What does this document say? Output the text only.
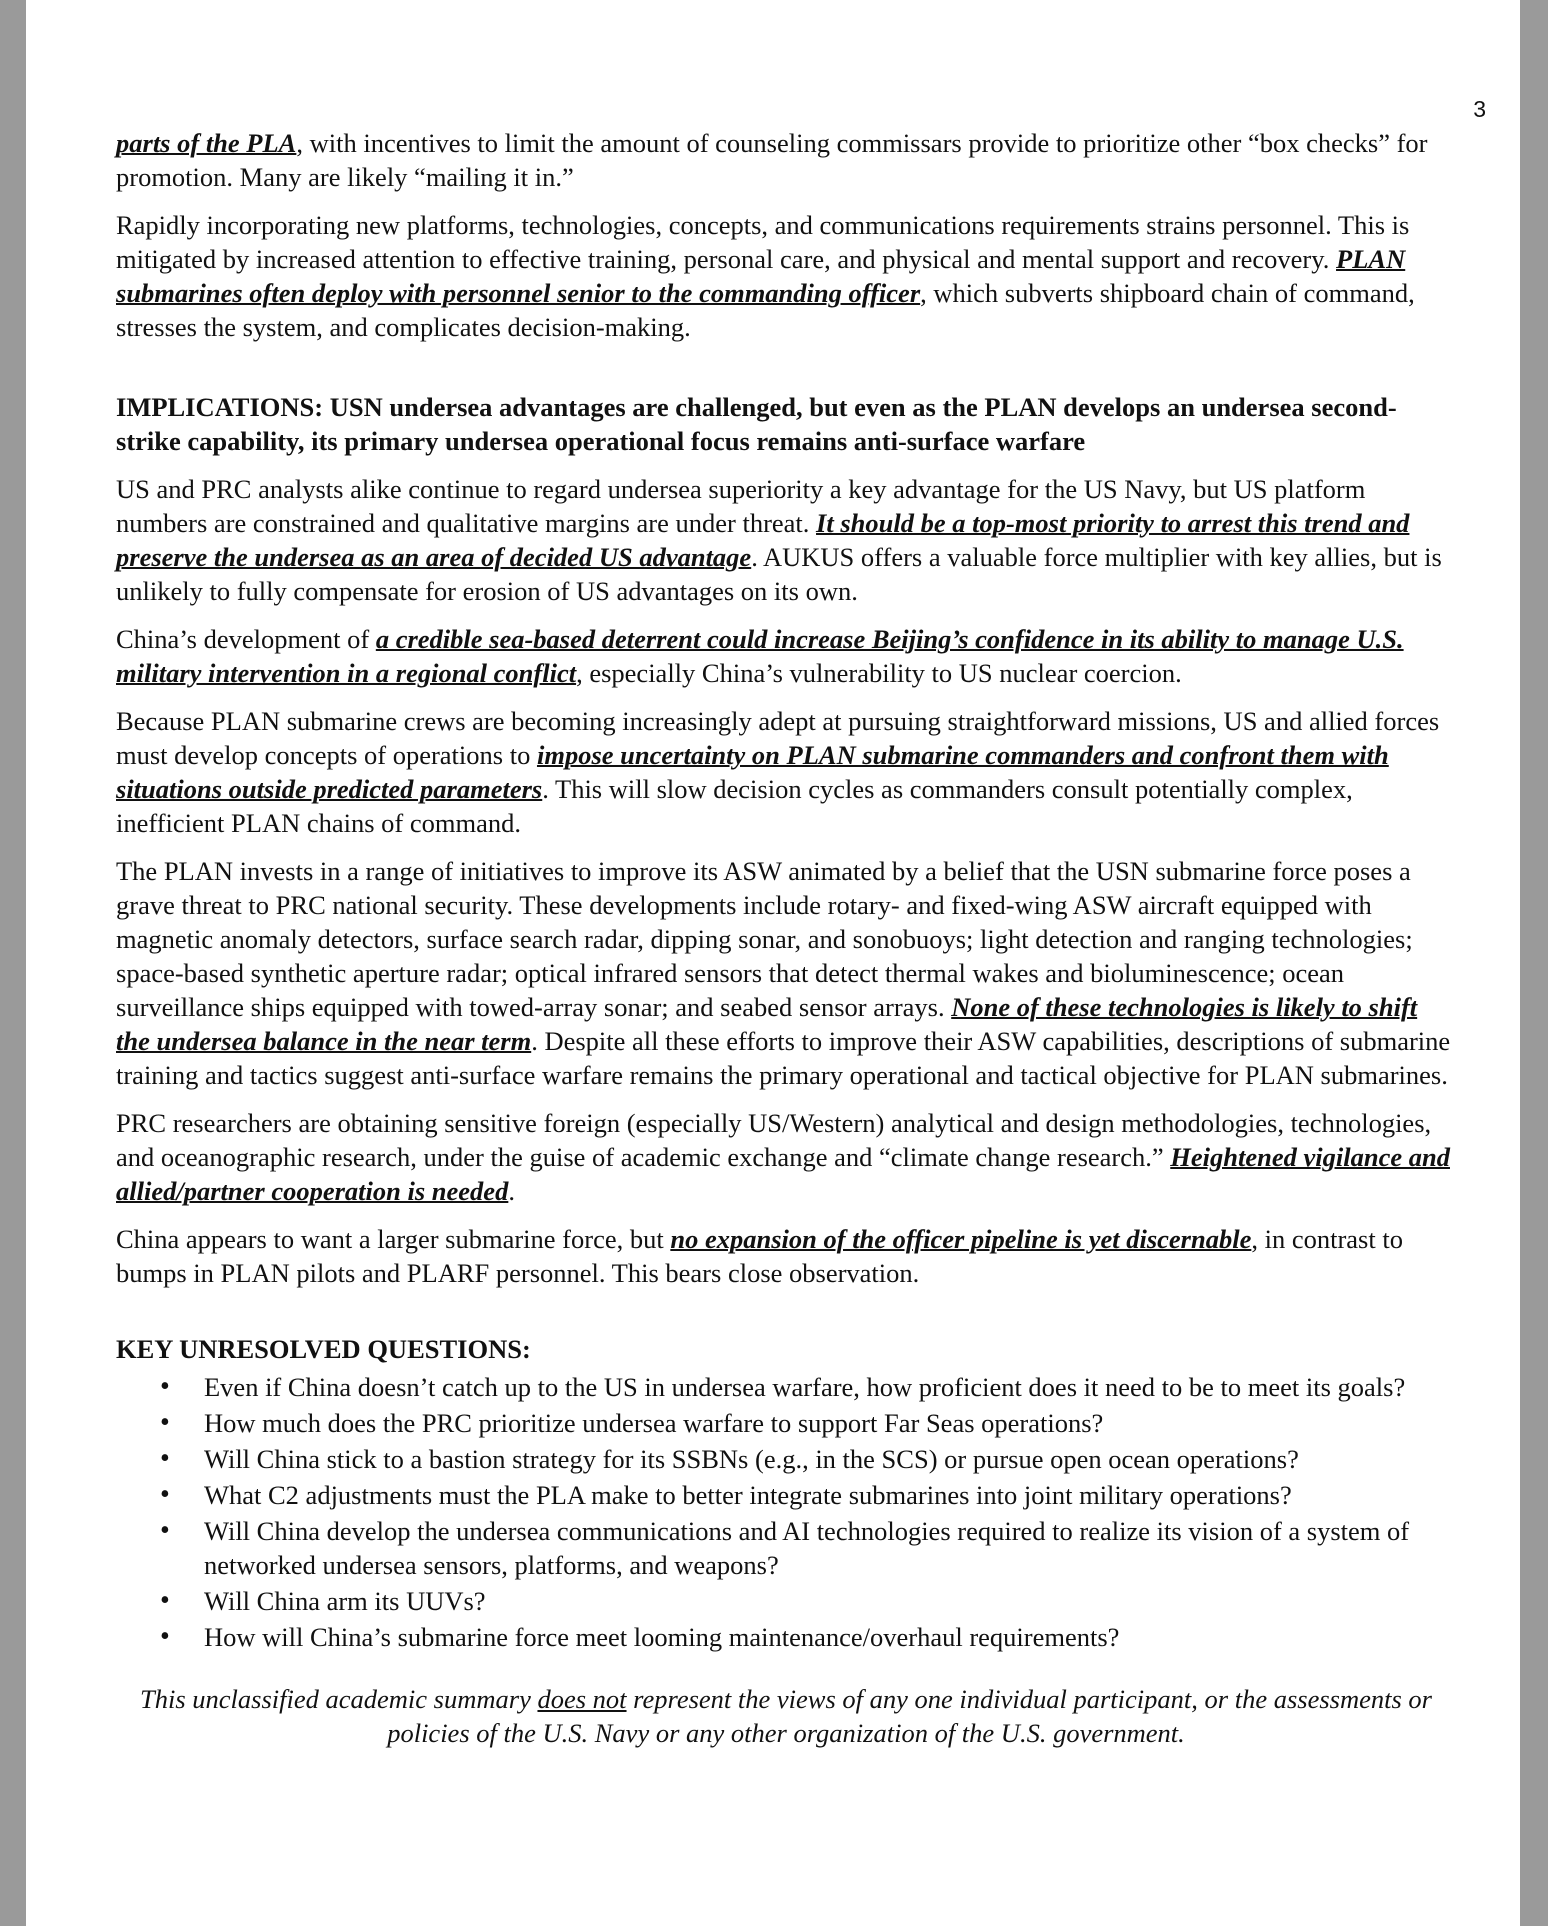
3

parts of the PLA, with incentives to limit the amount of counseling commissars provide to prioritize other “box checks” for promotion. Many are likely “mailing it in.”

Rapidly incorporating new platforms, technologies, concepts, and communications requirements strains personnel. This is mitigated by increased attention to effective training, personal care, and physical and mental support and recovery. PLAN submarines often deploy with personnel senior to the commanding officer, which subverts shipboard chain of command, stresses the system, and complicates decision-making.

IMPLICATIONS: USN undersea advantages are challenged, but even as the PLAN develops an undersea second-strike capability, its primary undersea operational focus remains anti-surface warfare

US and PRC analysts alike continue to regard undersea superiority a key advantage for the US Navy, but US platform numbers are constrained and qualitative margins are under threat. It should be a top-most priority to arrest this trend and preserve the undersea as an area of decided US advantage. AUKUS offers a valuable force multiplier with key allies, but is unlikely to fully compensate for erosion of US advantages on its own.

China’s development of a credible sea-based deterrent could increase Beijing’s confidence in its ability to manage U.S. military intervention in a regional conflict, especially China’s vulnerability to US nuclear coercion.

Because PLAN submarine crews are becoming increasingly adept at pursuing straightforward missions, US and allied forces must develop concepts of operations to impose uncertainty on PLAN submarine commanders and confront them with situations outside predicted parameters. This will slow decision cycles as commanders consult potentially complex, inefficient PLAN chains of command.

The PLAN invests in a range of initiatives to improve its ASW animated by a belief that the USN submarine force poses a grave threat to PRC national security. These developments include rotary- and fixed-wing ASW aircraft equipped with magnetic anomaly detectors, surface search radar, dipping sonar, and sonobuoys; light detection and ranging technologies; space-based synthetic aperture radar; optical infrared sensors that detect thermal wakes and bioluminescence; ocean surveillance ships equipped with towed-array sonar; and seabed sensor arrays. None of these technologies is likely to shift the undersea balance in the near term. Despite all these efforts to improve their ASW capabilities, descriptions of submarine training and tactics suggest anti-surface warfare remains the primary operational and tactical objective for PLAN submarines.

PRC researchers are obtaining sensitive foreign (especially US/Western) analytical and design methodologies, technologies, and oceanographic research, under the guise of academic exchange and “climate change research.” Heightened vigilance and allied/partner cooperation is needed.

China appears to want a larger submarine force, but no expansion of the officer pipeline is yet discernable, in contrast to bumps in PLAN pilots and PLARF personnel. This bears close observation.

KEY UNRESOLVED QUESTIONS:
• Even if China doesn’t catch up to the US in undersea warfare, how proficient does it need to be to meet its goals?
• How much does the PRC prioritize undersea warfare to support Far Seas operations?
• Will China stick to a bastion strategy for its SSBNs (e.g., in the SCS) or pursue open ocean operations?
• What C2 adjustments must the PLA make to better integrate submarines into joint military operations?
• Will China develop the undersea communications and AI technologies required to realize its vision of a system of networked undersea sensors, platforms, and weapons?
• Will China arm its UUVs?
• How will China’s submarine force meet looming maintenance/overhaul requirements?
This unclassified academic summary does not represent the views of any one individual participant, or the assessments or policies of the U.S. Navy or any other organization of the U.S. government.
